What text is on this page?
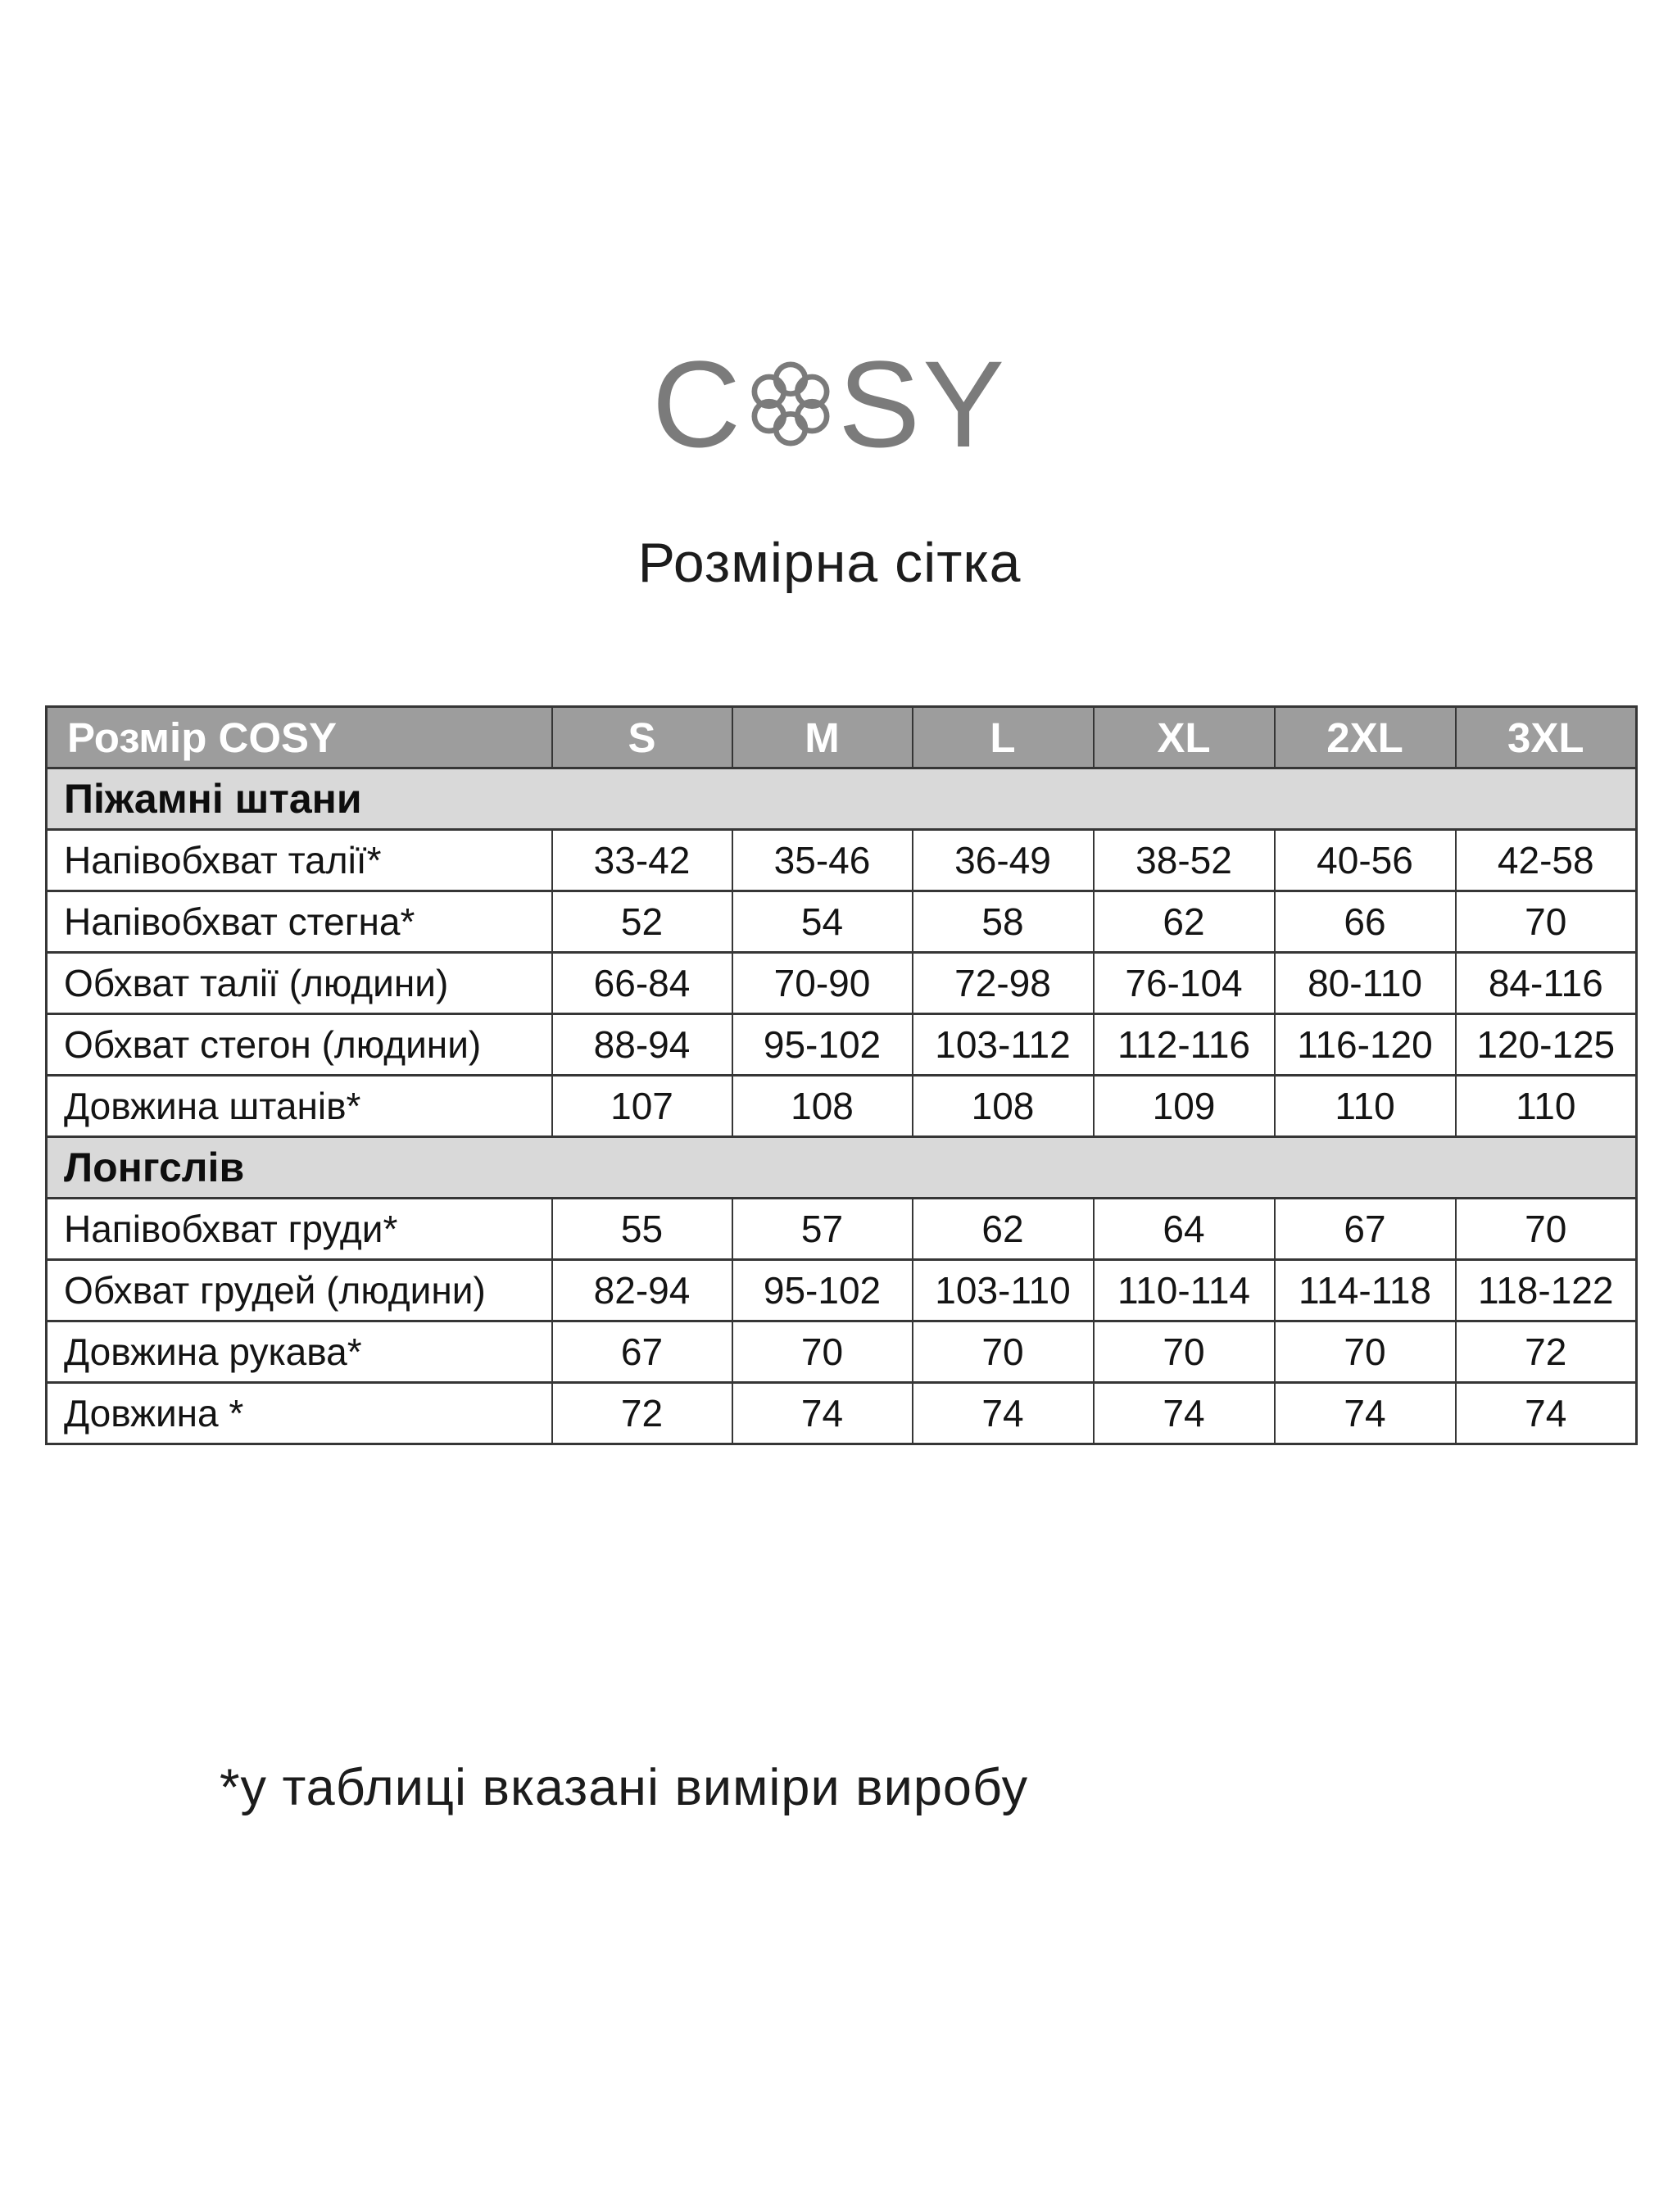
C SY
Розмірна сітка
Розмір COSY	S	M	L	XL	2XL	3XL
Піжамні штани						
Напівобхват талії*	33-42	35-46	36-49	38-52	40-56	42-58
Напівобхват стегна*	52	54	58	62	66	70
Обхват талії (людини)	66-84	70-90	72-98	76-104	80-110	84-116
Обхват стегон (людини)	88-94	95-102	103-112	112-116	116-120	120-125
Довжина штанів*	107	108	108	109	110	110
Лонгслів						
Напівобхват груди*	55	57	62	64	67	70
Обхват грудей (людини)	82-94	95-102	103-110	110-114	114-118	118-122
Довжина рукава*	67	70	70	70	70	72
Довжина *	72	74	74	74	74	74
*у таблиці вказані виміри виробу
